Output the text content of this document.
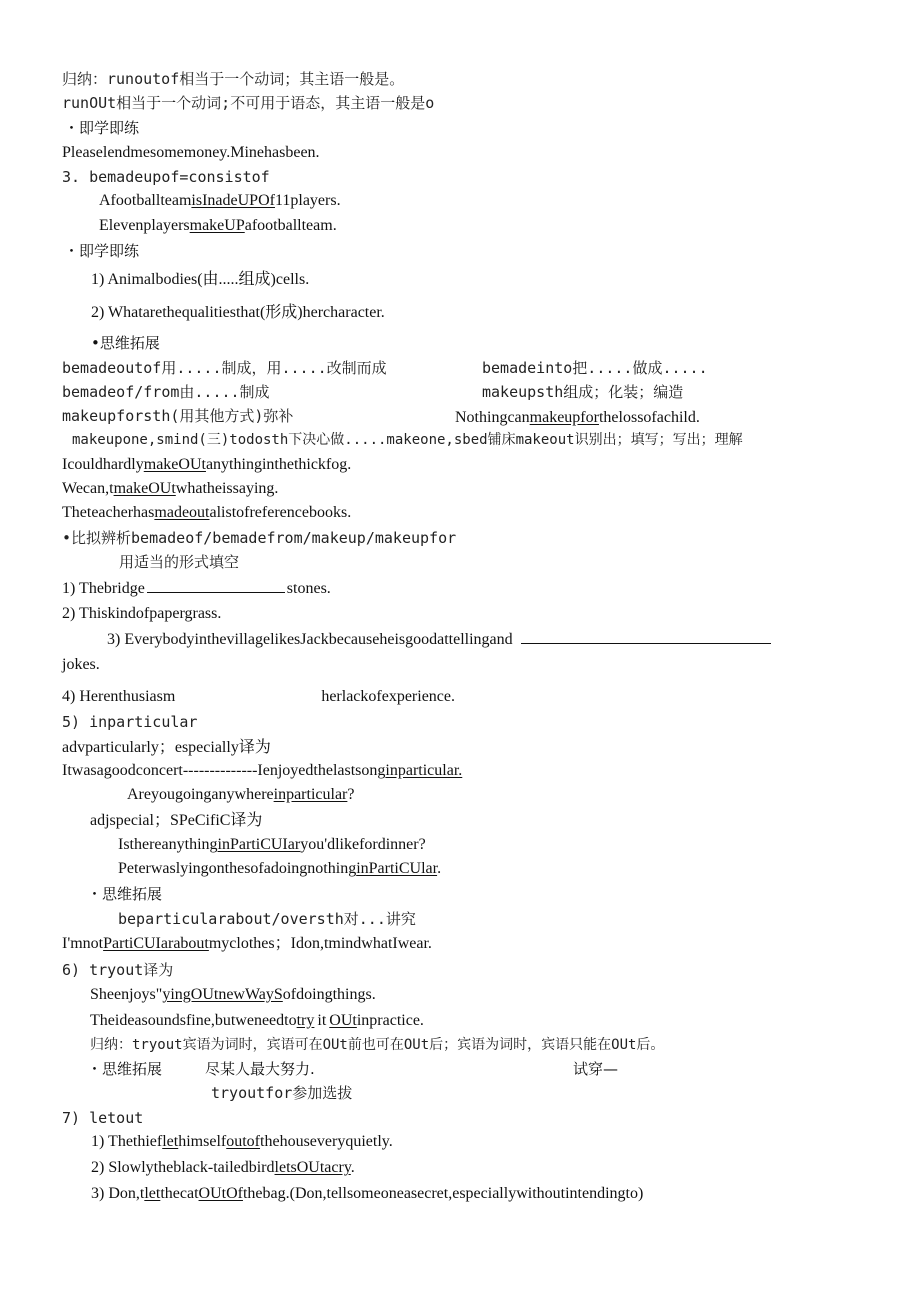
归纳：runoutof相当于一个动词；其主语一般是。
runOUt相当于一个动词;不可用于语态，其主语一般是o
・即学即练
Pleaselendmesomemoney.Minehasbeen.
3. bemadeupof=consistof
AfootballteamisInadeUPOf11players.
ElevenplayersmakeUPafootballteam.
・即学即练
1) Animalbodies(由.....组成)cells.
2) Whatarethequalitiesthat(形成)hercharacter.
•思维拓展
bemadeoutof用.....制成，用.....改制而成	bemadeinto把.....做成.....
bemadeof/from由.....制成	makeupsth组成；化装；编造
makeupforsth(用其他方式)弥补	Nothingcanmakeupforthelossofachild.
makeupone,smind(三)todosth下决心做.....makeone,sbed铺床makeout识别出；填写；写出；理解
IcouldhardlymakeOUtanythinginthethickfog.
Wecan,tmakeOUtwhatheissaying.
Theteacherhasmadeoutalistofreferencebooks.
•比拟辨析bemadeof/bemadefrom/makeup/makeupfor
用适当的形式填空
1) Thebridge	stones.
2) Thiskindofpapergrass.
3) EverybodyinthevillagelikesJackbecauseheisgoodattellingand
jokes.
4) Herenthusiasm	herlackofexperience.
5) inparticular
advparticularly；especially译为
Itwasagoodconcert--------------Ienjoyedthelastsonginparticular.
Areyougoinganywhereinparticular?
adjspecial；SPeCifiC译为
IsthereanythinginPartiCUIaryou'dlikefordinner?
PeterwaslyingonthesofadoingnothinginPartiCUlar.
・思维拓展
beparticularabout/oversth对...讲究
I'mnotPartiCUIaraboutmyclothes；Idon,tmindwhatIwear.
6) tryout译为
Sheenjoys"yingOUtnewWaySofdoingthings.
Theideasoundsfine,butweneedtotry it OUtinpractice.
归纳：tryout宾语为词时，宾语可在OUt前也可在OUt后；宾语为词时，宾语只能在OUt后。
・思维拓展	尽某人最大努力.	试穿—
tryoutfor参加选拔
7) letout
1) Thethieflethimselfoutofthehouseveryquietly.
2) Slowlytheblack-tailedbirdletsOUtacry.
3) Don,tletthecatOUtOfthebag.(Don,tellsomeoneasecret,especiallywithoutintendingto)
